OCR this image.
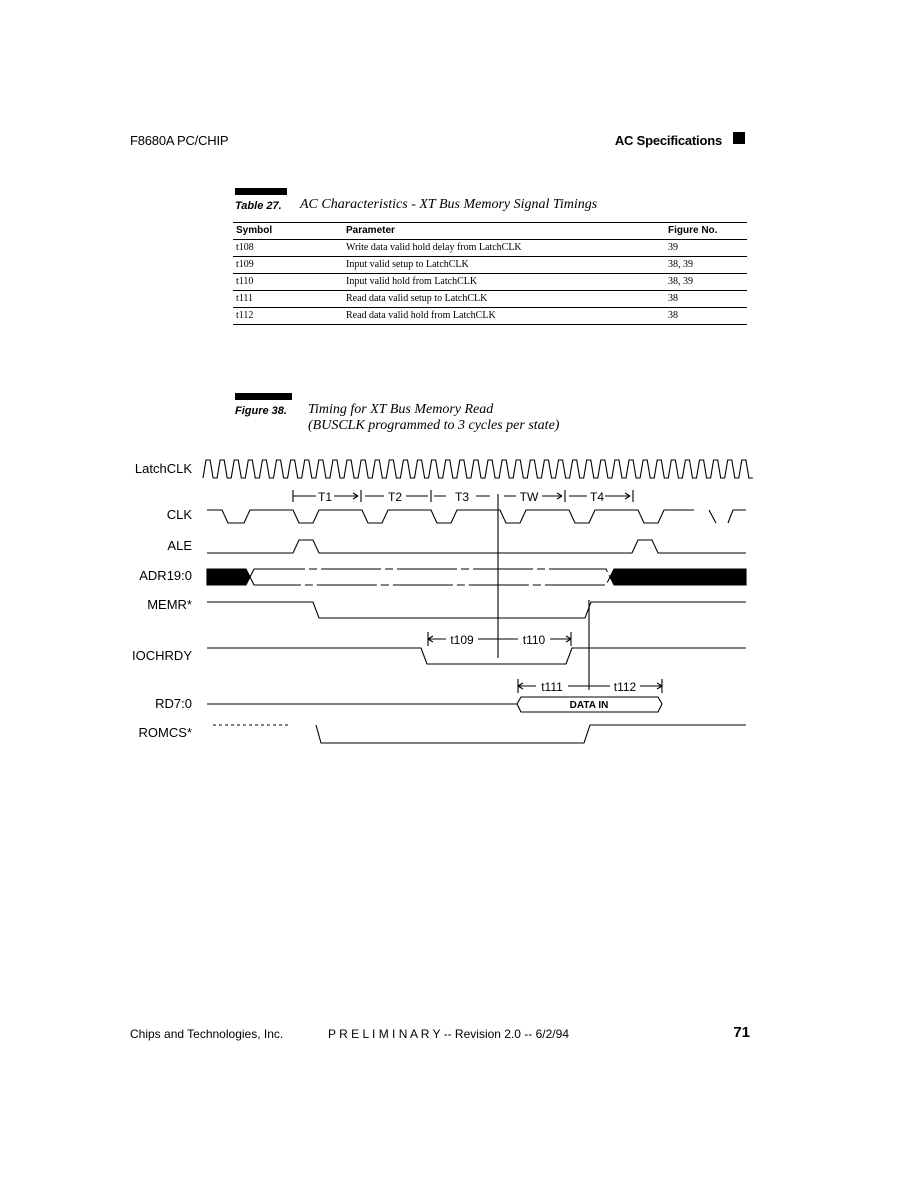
F8680A PC/CHIP	AC Specifications
Table 27. AC Characteristics - XT Bus Memory Signal Timings
Symbol	Parameter	Figure No.
t108	Write data valid hold delay from LatchCLK	39
t109	Input valid setup to LatchCLK	38, 39
t110	Input valid hold from LatchCLK	38, 39
t111	Read data valid setup to LatchCLK	38
t112	Read data valid hold from LatchCLK	38
Figure 38. Timing for XT Bus Memory Read
(BUSCLK programmed to 3 cycles per state)
LatchCLK
CLK
ALE
ADR19:0
MEMR*
IOCHRDY
RD7:0
ROMCS*
DATA IN
T1	T2	T3	TW	T4
t109	t110
t111	t112
Chips and Technologies, Inc.	P R E L I M I N A R Y -- Revision 2.0 -- 6/2/94	71
